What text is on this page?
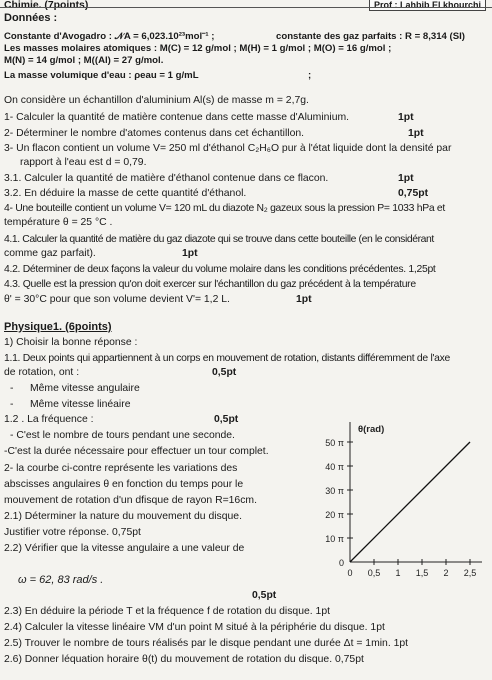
Chimie. (7points)	Prof : Lahbib El khourchi
Données :
Constante d'Avogadro : 𝒩A = 6,023.10²³mol⁻¹ ;	constante des gaz parfaits : R = 8,314 (SI)
Les masses molaires atomiques : M(C) = 12 g/mol ; M(H) = 1 g/mol ; M(O) = 16 g/mol ;
M(N) = 14 g/mol ; M((Al) = 27 g/mol.
La masse volumique d'eau : ρeau = 1 g/mL	;
On considère un échantillon d'aluminium Al(s) de masse m = 2,7g.
1- Calculer la quantité de matière contenue dans cette masse d'Aluminium.	1pt
2- Déterminer le nombre d'atomes contenus dans cet échantillon.	1pt
3- Un flacon contient un volume V= 250 ml d'éthanol C₂H₆O pur à l'état liquide dont la densité par
rapport à l'eau est d = 0,79.
3.1. Calculer la quantité de matière d'éthanol contenue dans ce flacon.	1pt
3.2. En déduire la masse de cette quantité d'éthanol.	0,75pt
4- Une bouteille contient un volume V= 120 mL du diazote N₂ gazeux sous la pression P= 1033 hPa et
température θ = 25 °C .
4.1. Calculer la quantité de matière du gaz diazote qui se trouve dans cette bouteille (en le considérant
comme gaz parfait).	1pt
4.2. Déterminer de deux façons la valeur du volume molaire dans les conditions précédentes. 1,25pt
4.3. Quelle est la pression qu'on doit exercer sur l'échantillon du gaz précédent à la température
θ' = 30°C pour que son volume devient V'= 1,2 L.	1pt
Physique1. (6points)
1) Choisir la bonne réponse :
1.1. Deux points qui appartiennent à un corps en mouvement de rotation, distants différemment de l'axe
de rotation, ont :	0,5pt
- Même vitesse angulaire
- Même vitesse linéaire
1.2 . La fréquence :	0,5pt
- C'est le nombre de tours pendant une seconde.
-C'est la durée nécessaire pour effectuer un tour complet.
2- la courbe ci-contre représente les variations des
abscisses angulaires θ en fonction du temps pour le
mouvement de rotation d'un dfisque de rayon R=16cm.
2.1) Déterminer la nature du mouvement du disque.
Justifier votre réponse. 0,75pt
2.2) Vérifier que la vitesse angulaire a une valeur de
ω = 62, 83 rad/s .
0,5pt
2.3) En déduire la période T et la fréquence f de rotation du disque. 1pt
2.4) Calculer la vitesse linéaire VM d'un point M situé à la périphérie du disque. 1pt
2.5) Trouver le nombre de tours réalisés par le disque pendant une durée Δt = 1min. 1pt
2.6) Donner léquation horaire θ(t) du mouvement de rotation du disque. 0,75pt
0
10 π
20 π
30 π
40 π
50 π
0 0,5 1 1,5 2 2,5
θ(rad)
